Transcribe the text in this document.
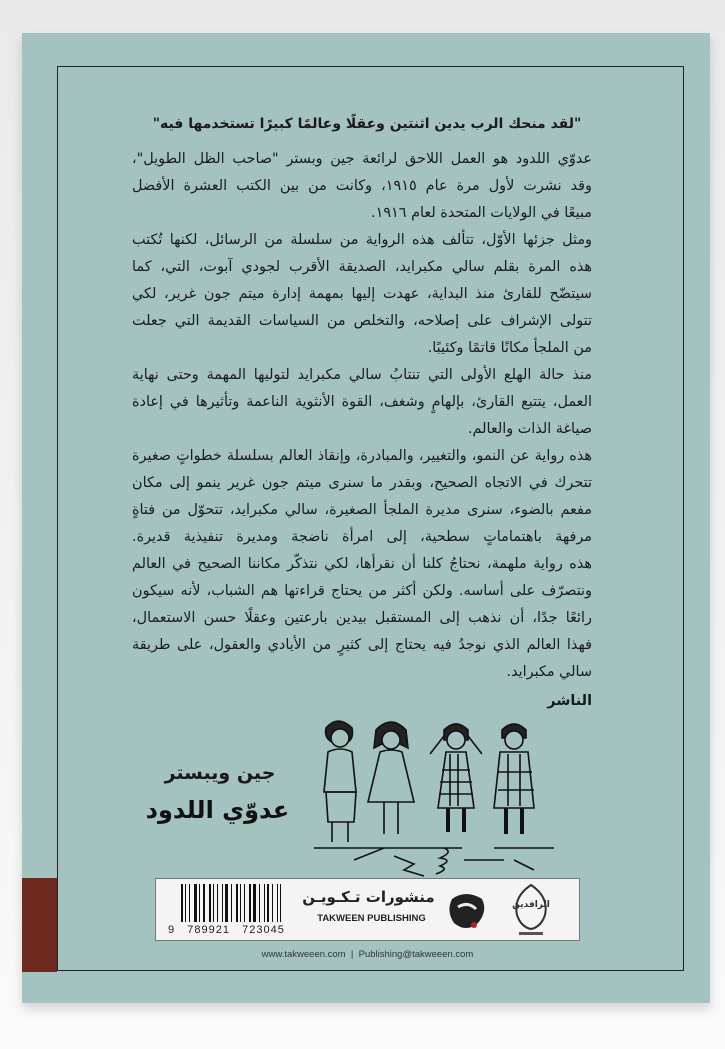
"لقد منحك الرب يدين اثنتين وعقلًا وعالمًا كبيرًا تستخدمها فيه"
عدوّي اللدود هو العمل اللاحق لرائعة جين وبستر "صاحب الظل الطويل"،
وقد نشرت لأول مرة عام ١٩١٥، وكانت من بين الكتب العشرة الأفضل
مبيعًا في الولايات المتحدة لعام ١٩١٦.
ومثل جزئها الأوّل، تتألف هذه الرواية من سلسلة من الرسائل، لكنها تُكتب
هذه المرة بقلم سالي مكبرايد، الصديقة الأقرب لجودي آبوت، التي، كما
سيتضّح للقارئ منذ البداية، عهدت إليها بمهمة إدارة ميتم جون غرير، لكي
تتولى الإشراف على إصلاحه، والتخلص من السياسات القديمة التي جعلت
من الملجأ مكانًا قاتمًا وكئيبًا.
منذ حالة الهلع الأولى التي تنتابُ سالي مكبرايد لتوليها المهمة وحتى نهاية
العمل، يتتبع القارئ، بإلهامٍ وشغف، القوة الأنثوية الناعمة وتأثيرها في إعادة
صياغة الذات والعالم.
هذه رواية عن النمو، والتغيير، والمبادرة، وإنقاذ العالم بسلسلة خطواتٍ صغيرة
تتحرك في الاتجاه الصحيح، وبقدر ما سنرى ميتم جون غرير ينمو إلى مكان
مفعم بالضوء، سنرى مديرة الملجأ الصغيرة، سالي مكبرايد، تتحوّل من فتاةٍ
مرفهة باهتماماتٍ سطحية، إلى امرأة ناضجة ومديرة تنفيذية قديرة.
هذه رواية ملهمة، نحتاجُ كلنا أن نقرأها، لكي نتذكّر مكاننا الصحيح في العالم
ونتصرّف على أساسه. ولكن أكثر من يحتاج قراءتها هم الشباب، لأنه سيكون
رائعًا جدًا، أن نذهب إلى المستقبل بيدين بارعتين وعقلًا حسن الاستعمال،
فهذا العالم الذي نوجدُ فيه يحتاج إلى كثيرٍ من الأيادي والعقول، على طريقة
سالي مكبرايد.
الناشر
جين ويبستر
عدوّي اللدود
9   789921   723045
منشورات تـكـويـن
TAKWEEN PUBLISHING
الرافدين
www.takweeen.com  |  Publishing@takweeen.com
